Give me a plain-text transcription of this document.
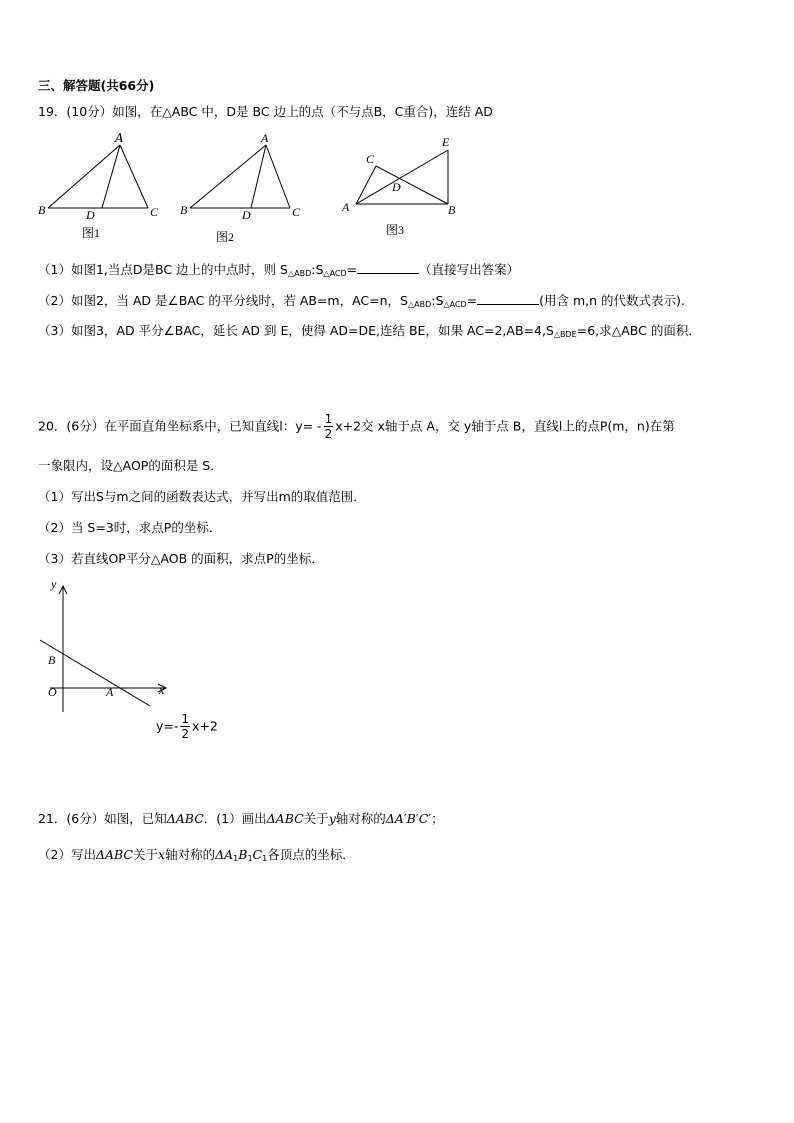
三、解答题(共66分)
19．(10分）如图，在△ABC 中，D是 BC 边上的点（不与点B，C重合)，连结 AD
A
B	C
D
图1
A
B	C
D
图2
E
C
D
A	B
图3
（1）如图1,当点D是BC 边上的中点时，则 $S_{\triangle ABD}:S_{\triangle ACD}=$	（直接写出答案）
（2）如图2，当 AD 是∠BAC 的平分线时，若 AB=m，AC=n，$S_{\triangle ABD}:S_{\triangle ACD}=$	(用含 m,n 的代数式表示).
（3）如图3，AD 平分∠BAC，延长 AD 到 E，使得 AD=DE,连结 BE，如果 $AC=2,AB=4,S_{\triangle BDE}=6$,求△ABC 的面积．
20．(6分）在平面直角坐标系中，已知直线l：$y= - \frac{1}{2} x+2$交 x轴于点 A，交 y轴于点 B，直线l上的点P(m，n)在第
一象限内，设△AOP的面积是 S．
（1）写出S与m之间的函数表达式，并写出m的取值范围．
（2）当 S=3时，求点P的坐标．
（3）若直线OP平分△AOB 的面积，求点P的坐标．
y
x
O
B
A
$y=- \frac{1}{2} x+2$
21．(6分）如图，已知ΔABC．(1）画出ΔABC关于y轴对称的ΔA′B′C′；
（2）写出ΔABC关于x轴对称的$\Delta A_1B_1C_1$各顶点的坐标．
